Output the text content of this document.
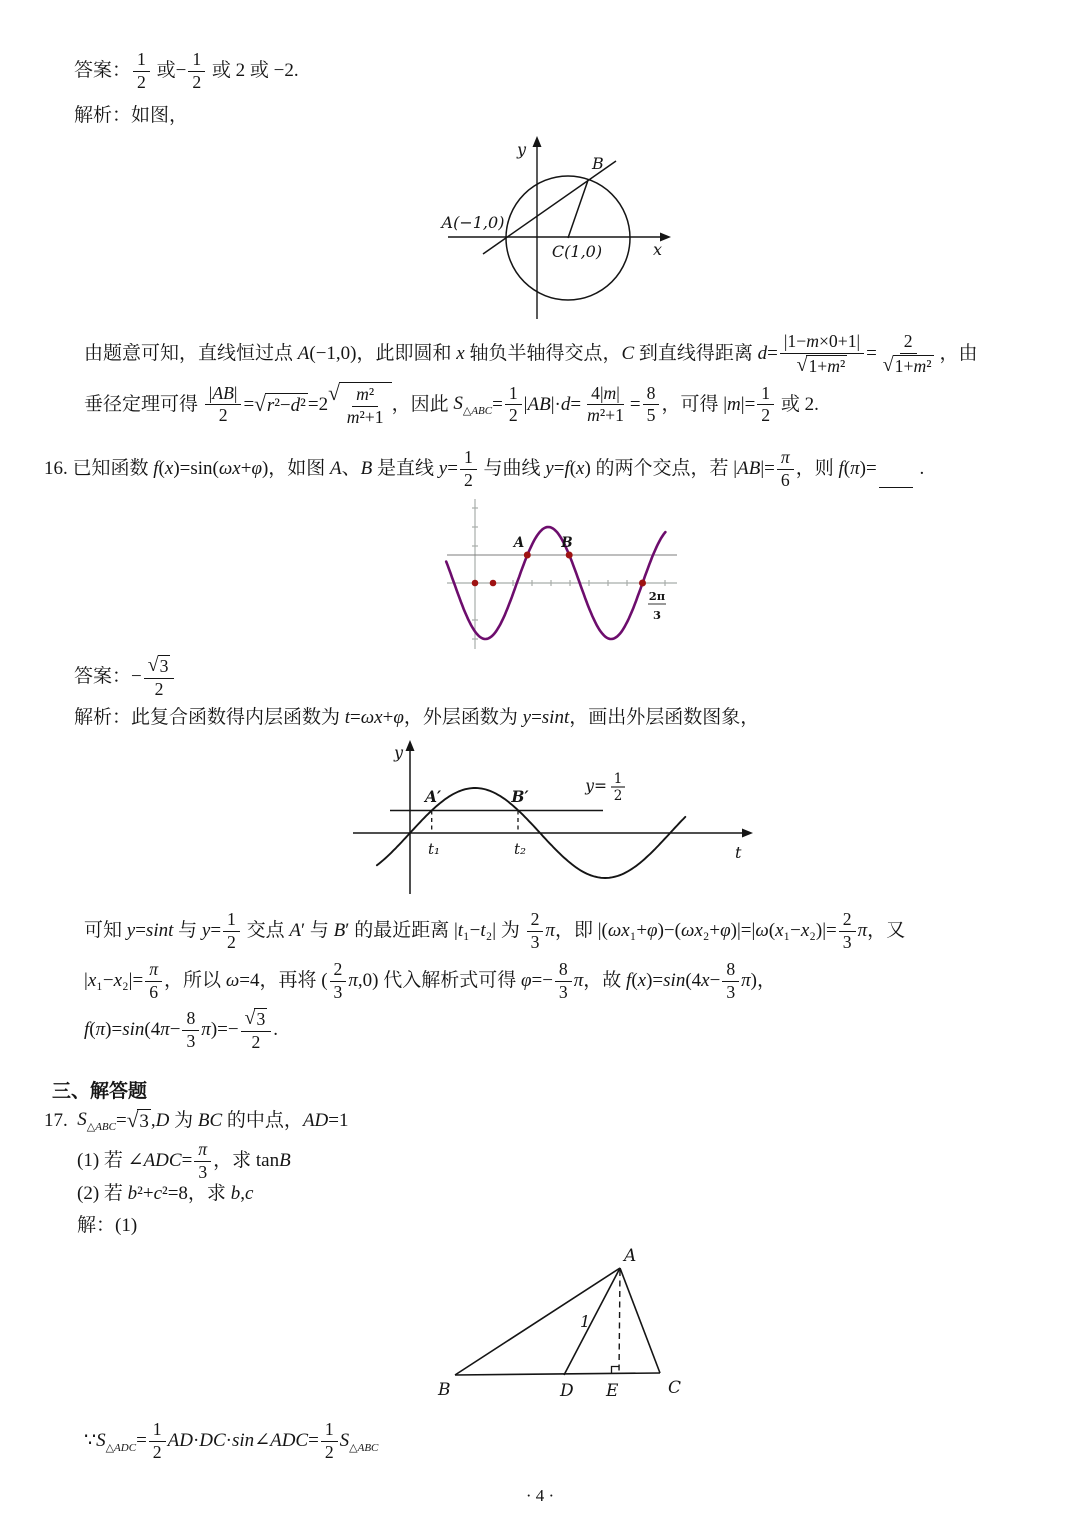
答案： $\frac{1}{2}$ 或− $\frac{1}{2}$ 或 2 或 −2.
解析：如图，
y
x
B
A(−1,0)
C(1,0)
由题意可知，直线恒过点 A (−1,0)，此即圆和 x 轴负半轴得交点， C 到直线得距离 $d = \frac{|1-m\times 0+1|}{\text{√ 1+m²}} = \frac{2}{\text{√ 1+m²}}$ ，由
垂径定理可得 $\frac{|AB|}{2}$ = √ r²−d² =2 √ $\frac{\text{m²}}{\text{m²+1}}$ ，因此 $S_{\triangle ABC} = \frac{1}{2}$ | AB |· $d = \frac{4|m|}{\text{m²+1}} = \frac{8}{5}$ ，可得 | m |= $\frac{1}{2}$ 或 2.
16. 已知函数 f ( x )=sin( ωx + φ )，如图 A 、 B 是直线 $y = \frac{1}{2}$ 与曲线 y = f ( x ) 的两个交点，若 | AB |= $\frac{\pi}{6}$ ，则 f ( π )= .
A	B
2π
3
答案：− $\frac{√ 3}{2}$
解析：此复合函数得内层函数为 t = ωx + φ ，外层函数为 y = sint ，画出外层函数图象，
y
t
A′	B′
t₁	t₂
y= 1
2
可知 y = sint 与 $y = \frac{1}{2}$ 交点 A ′ 与 B ′ 的最近距离 | t ₁− t ₂| 为 $\frac{2}{3}$ π ，即 |( ωx ₁+ φ )−( ωx ₂+ φ )|=| ω ( x ₁− x $_2)|= \frac{2}{3}$ π ，又
| x ₁− x $_2|= \frac{\pi}{6}$ ，所以 ω =4，再将 ( $\frac{2}{3}$ π ,0) 代入解析式可得 $\varphi =- \frac{8}{3}$ π ，故 f ( x )= sin (4 $x - \frac{8}{3}$ π )，
f ( π )= sin (4 $\pi - \frac{8}{3}$ π )=− $\frac{√ 3}{2}$ .
三、解答题
17. $S_{\triangle ABC}$ = √ 3 , D 为 BC 的中点， AD =1
(1) 若 ∠ ADC = $\frac{\pi}{3}$ ，求 tan B
(2) 若 b ²+ c ²=8，求 b , c
解：(1)
A
B	C
D E
1
∵ $S_{\triangle ADC} = \frac{1}{2}$ AD · DC · sin ∠ ADC = $\frac{1}{2} S_{\triangle ABC}$
· 4 ·
